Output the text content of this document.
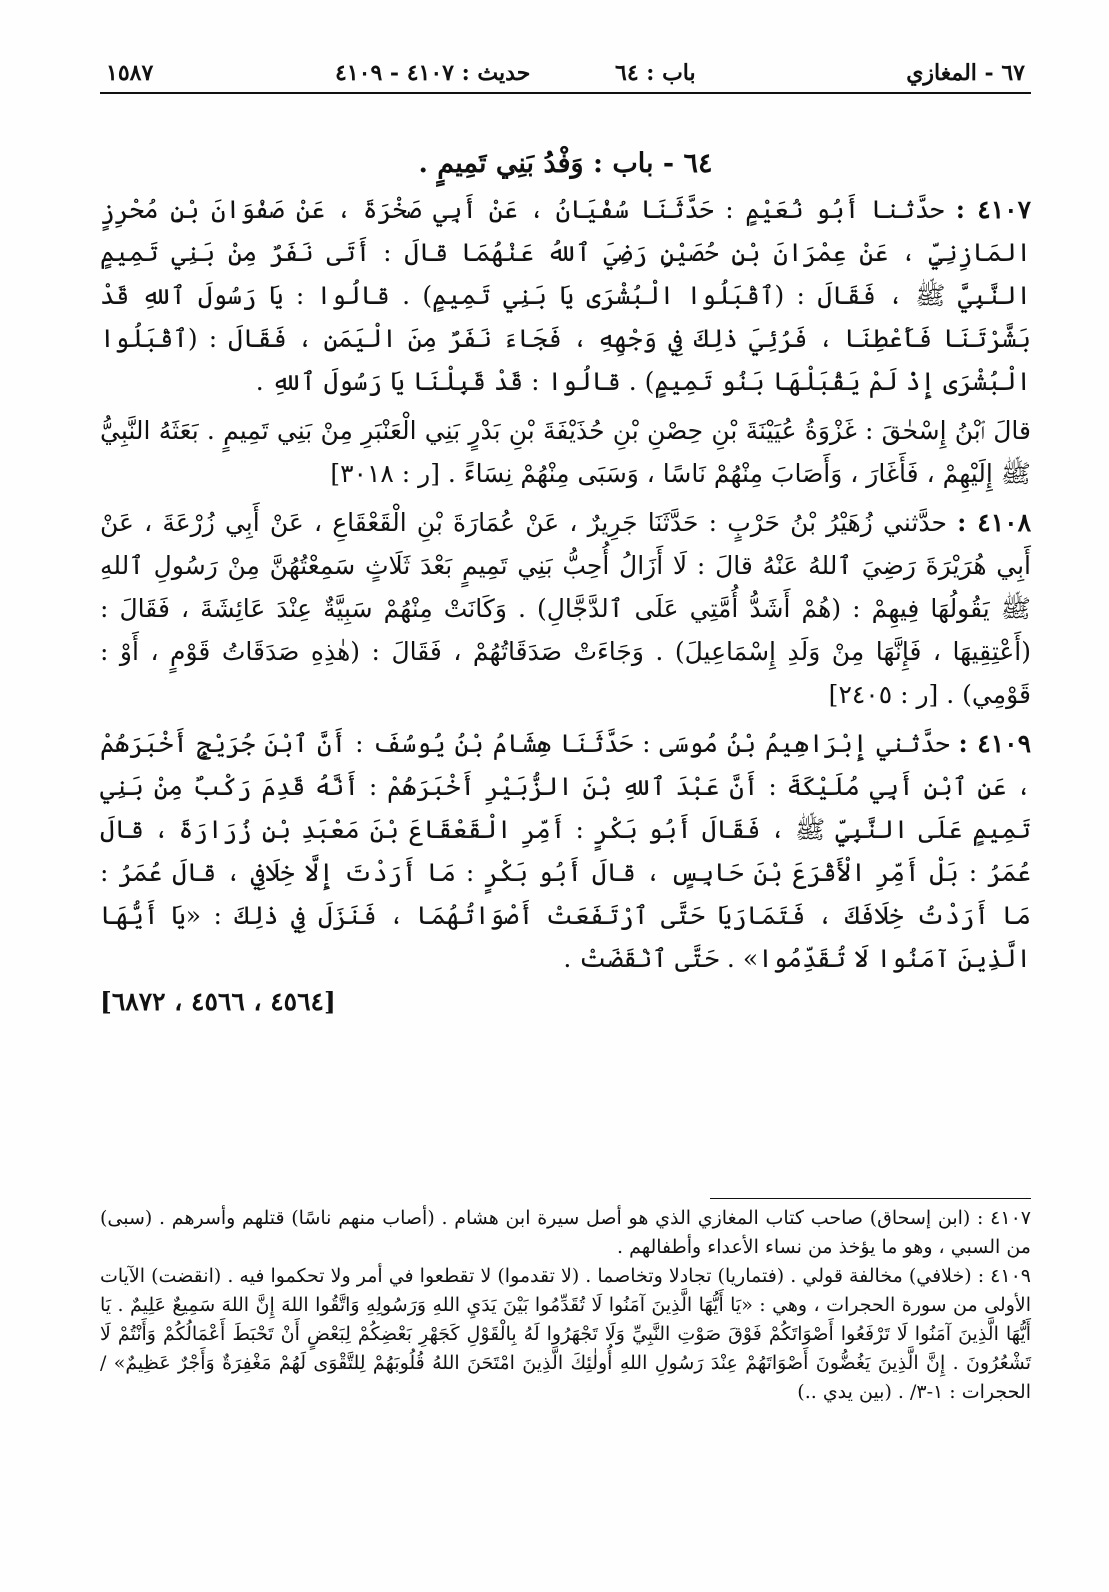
٦٧ - المغازي
باب : ٦٤
حديث : ٤١٠٧ - ٤١٠٩
١٥٨٧
٦٤ - باب : وَفْدُ بَنِي تَمِيمٍ .

٤١٠٧ : حدَّثنا أَبُو نُعَيْمٍ : حَدَّثَنَا سُفْيَانُ ، عَنْ أَبِي صَخْرَةَ ، عَنْ صَفْوَانَ بْنِ مُحْرِزٍ المَازِنِيِّ ، عَنْ عِمْرَانَ بْنِ حُصَيْنٍ رَضِيَ ٱللهُ عَنْهُمَا قالَ : أَتَى نَفَرٌ مِنْ بَنِي تَمِيمٍ النَّبِيَّ ﷺ ، فَقَالَ : (ٱقْبَلُوا الْبُشْرَى يَا بَنِي تَمِيمٍ) . قالُوا : يَا رَسُولَ ٱللهِ قَدْ بَشَّرْتَنَا فَأَعْطِنَا ، فَرُئِيَ ذٰلِكَ فِي وَجْهِهِ ، فَجَاءَ نَفَرٌ مِنَ الْيَمَنِ ، فَقَالَ : (ٱقْبَلُوا الْبُشْرَى إِذْ لَمْ يَقْبَلْهَا بَنُو تَمِيمٍ) . قالُوا : قَدْ قَبِلْنَا يَا رَسُولَ ٱللهِ .

قالَ ٱبْنُ إِسْحٰقَ : غَزْوَةُ عُيَيْنَةَ بْنِ حِصْنِ بْنِ حُذَيْفَةَ بْنِ بَدْرٍ بَنِي الْعَنْبَرِ مِنْ بَنِي تَمِيمٍ . بَعَثَهُ النَّبِيُّ ﷺ إِلَيْهِمْ ، فَأَغَارَ ، وَأَصَابَ مِنْهُمْ نَاسًا ، وَسَبَى مِنْهُمْ نِسَاءً . [ر : ٣٠١٨]

٤١٠٨ : حدَّثني زُهَيْرُ بْنُ حَرْبٍ : حَدَّثَنَا جَرِيرٌ ، عَنْ عُمَارَةَ بْنِ الْقَعْقَاعِ ، عَنْ أَبِي زُرْعَةَ ، عَنْ أَبِي هُرَيْرَةَ رَضِيَ ٱللهُ عَنْهُ قالَ : لَا أَزَالُ أُحِبُّ بَنِي تَمِيمٍ بَعْدَ ثَلَاثٍ سَمِعْتُهُنَّ مِنْ رَسُولِ ٱللهِ ﷺ يَقُولُهَا فِيهِمْ : (هُمْ أَشَدُّ أُمَّتِي عَلَى ٱلدَّجَّالِ) . وَكَانَتْ مِنْهُمْ سَبِيَّةٌ عِنْدَ عَائِشَةَ ، فَقَالَ : (أَعْتِقِيهَا ، فَإِنَّهَا مِنْ وَلَدِ إِسْمَاعِيلَ) . وَجَاءَتْ صَدَقَاتُهُمْ ، فَقَالَ : (هٰذِهِ صَدَقَاتُ قَوْمٍ ، أَوْ : قَوْمِي) . [ر : ٢٤٠٥]

٤١٠٩ : حدَّثني إِبْرَاهِيمُ بْنُ مُوسَى : حَدَّثَنَا هِشَامُ بْنُ يُوسُفَ : أَنَّ ٱبْنَ جُرَيْجٍ أَخْبَرَهُمْ ، عَنِ ٱبْنِ أَبِي مُلَيْكَةَ : أَنَّ عَبْدَ ٱللهِ بْنَ الزُّبَيْرِ أَخْبَرَهُمْ : أَنَّهُ قَدِمَ رَكْبٌ مِنْ بَنِي تَمِيمٍ عَلَى النَّبِيِّ ﷺ ، فَقَالَ أَبُو بَكْرٍ : أَمِّرِ الْقَعْقَاعَ بْنَ مَعْبَدِ بْنِ زُرَارَةَ ، قالَ عُمَرُ : بَلْ أَمِّرِ الْأَقْرَعَ بْنَ حَابِسٍ ، قالَ أَبُو بَكْرٍ : مَا أَرَدْتَ إِلَّا خِلَافِي ، قالَ عُمَرُ : مَا أَرَدْتُ خِلَافَكَ ، فَتَمَارَيَا حَتَّى ٱرْتَفَعَتْ أَصْوَاتُهُمَا ، فَنَزَلَ فِي ذٰلِكَ : «يَا أَيُّهَا الَّذِينَ آمَنُوا لَا تُقَدِّمُوا» . حَتَّى ٱنْقَضَتْ .

[٤٥٦٤ ، ٤٥٦٦ ، ٦٨٧٢]

٤١٠٧ : (ابن إسحاق) صاحب كتاب المغازي الذي هو أصل سيرة ابن هشام . (أصاب منهم ناسًا) قتلهم وأسرهم . (سبى) من السبي ، وهو ما يؤخذ من نساء الأعداء وأطفالهم .

٤١٠٩ : (خلافي) مخالفة قولي . (فتماريا) تجادلا وتخاصما . (لا تقدموا) لا تقطعوا في أمر ولا تحكموا فيه . (انقضت) الآيات الأولى من سورة الحجرات ، وهي : «يَا أَيُّهَا الَّذِينَ آمَنُوا لَا تُقَدِّمُوا بَيْنَ يَدَيِ اللهِ وَرَسُولِهِ وَاتَّقُوا اللهَ إِنَّ اللهَ سَمِيعٌ عَلِيمٌ . يَا أَيُّهَا الَّذِينَ آمَنُوا لَا تَرْفَعُوا أَصْوَاتَكُمْ فَوْقَ صَوْتِ النَّبِيِّ وَلَا تَجْهَرُوا لَهُ بِالْقَوْلِ كَجَهْرِ بَعْضِكُمْ لِبَعْضٍ أَنْ تَحْبَطَ أَعْمَالُكُمْ وَأَنْتُمْ لَا تَشْعُرُونَ . إِنَّ الَّذِينَ يَغُضُّونَ أَصْوَاتَهُمْ عِنْدَ رَسُولِ اللهِ أُولٰئِكَ الَّذِينَ امْتَحَنَ اللهُ قُلُوبَهُمْ لِلتَّقْوَى لَهُمْ مَغْفِرَةٌ وَأَجْرٌ عَظِيمٌ» /الحجرات : ١-٣/ . (بين يدي ..)
